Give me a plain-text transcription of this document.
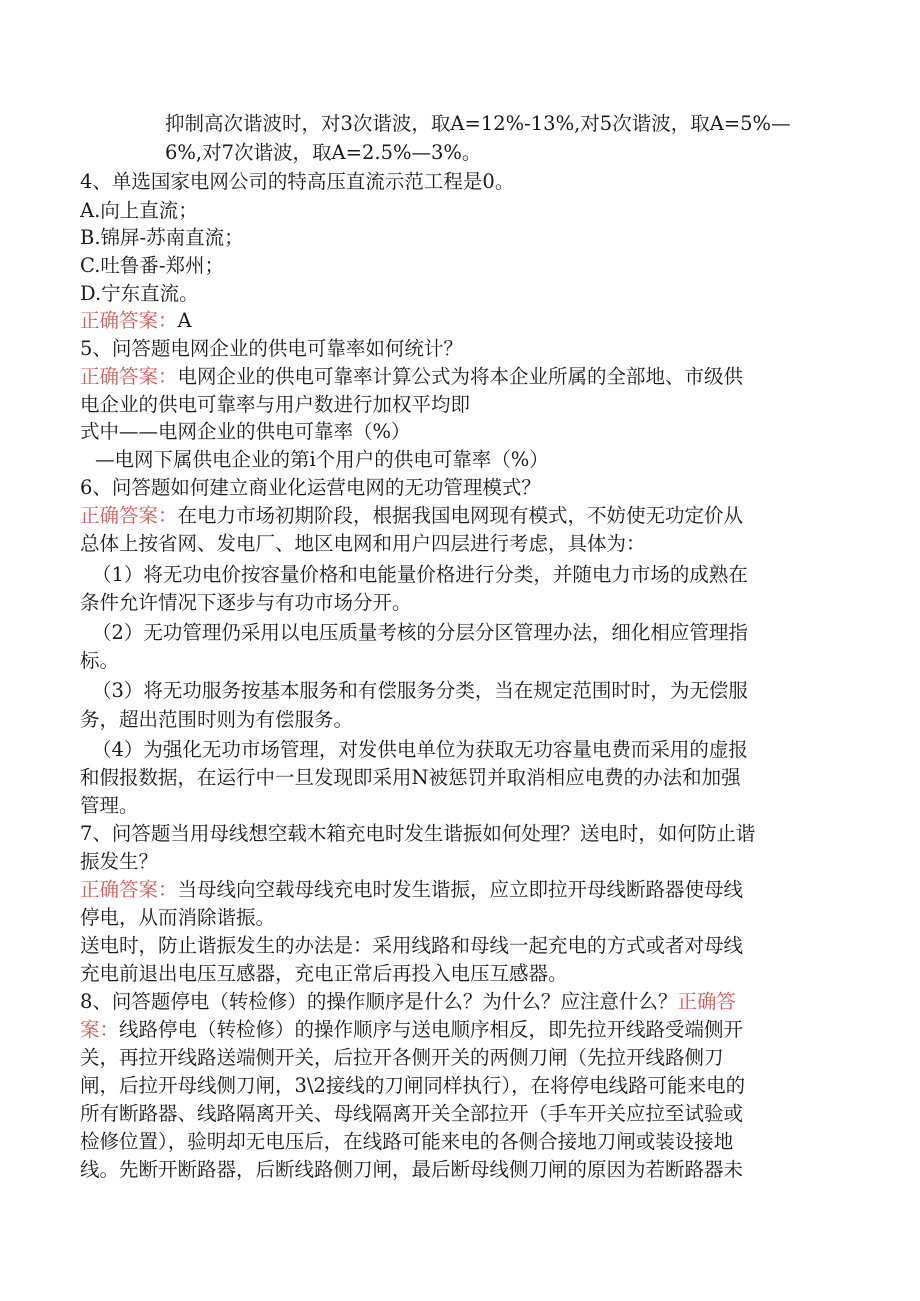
抑制高次谐波时，对3次谐波，取A=12%-13%,对5次谐波，取A=5%—
6%,对7次谐波，取A=2.5%—3%。
4、单选国家电网公司的特高压直流示范工程是0。
A.向上直流；
B.锦屏-苏南直流；
C.吐鲁番-郑州；
D.宁东直流。
正确答案：A
5、问答题电网企业的供电可靠率如何统计？
正确答案：电网企业的供电可靠率计算公式为将本企业所属的全部地、市级供
电企业的供电可靠率与用户数进行加权平均即
式中——电网企业的供电可靠率（%）
—电网下属供电企业的第i个用户的供电可靠率（%）
6、问答题如何建立商业化运营电网的无功管理模式？
正确答案：在电力市场初期阶段，根据我国电网现有模式，不妨使无功定价从
总体上按省网、发电厂、地区电网和用户四层进行考虑，具体为：
（1）将无功电价按容量价格和电能量价格进行分类，并随电力市场的成熟在
条件允许情况下逐步与有功市场分开。
（2）无功管理仍采用以电压质量考核的分层分区管理办法，细化相应管理指
标。
（3）将无功服务按基本服务和有偿服务分类，当在规定范围时时，为无偿服
务，超出范围时则为有偿服务。
（4）为强化无功市场管理，对发供电单位为获取无功容量电费而采用的虚报
和假报数据，在运行中一旦发现即采用N被惩罚并取消相应电费的办法和加强
管理。
7、问答题当用母线想空载木箱充电时发生谐振如何处理？送电时，如何防止谐
振发生？
正确答案：当母线向空载母线充电时发生谐振，应立即拉开母线断路器使母线
停电，从而消除谐振。
送电时，防止谐振发生的办法是：采用线路和母线一起充电的方式或者对母线
充电前退出电压互感器，充电正常后再投入电压互感器。
8、问答题停电（转检修）的操作顺序是什么？为什么？应注意什么？正确答
案：线路停电（转检修）的操作顺序与送电顺序相反，即先拉开线路受端侧开
关，再拉开线路送端侧开关，后拉开各侧开关的两侧刀闸（先拉开线路侧刀
闸，后拉开母线侧刀闸，3\2接线的刀闸同样执行），在将停电线路可能来电的
所有断路器、线路隔离开关、母线隔离开关全部拉开（手车开关应拉至试验或
检修位置），验明却无电压后，在线路可能来电的各侧合接地刀闸或装设接地
线。先断开断路器，后断线路侧刀闸，最后断母线侧刀闸的原因为若断路器未
